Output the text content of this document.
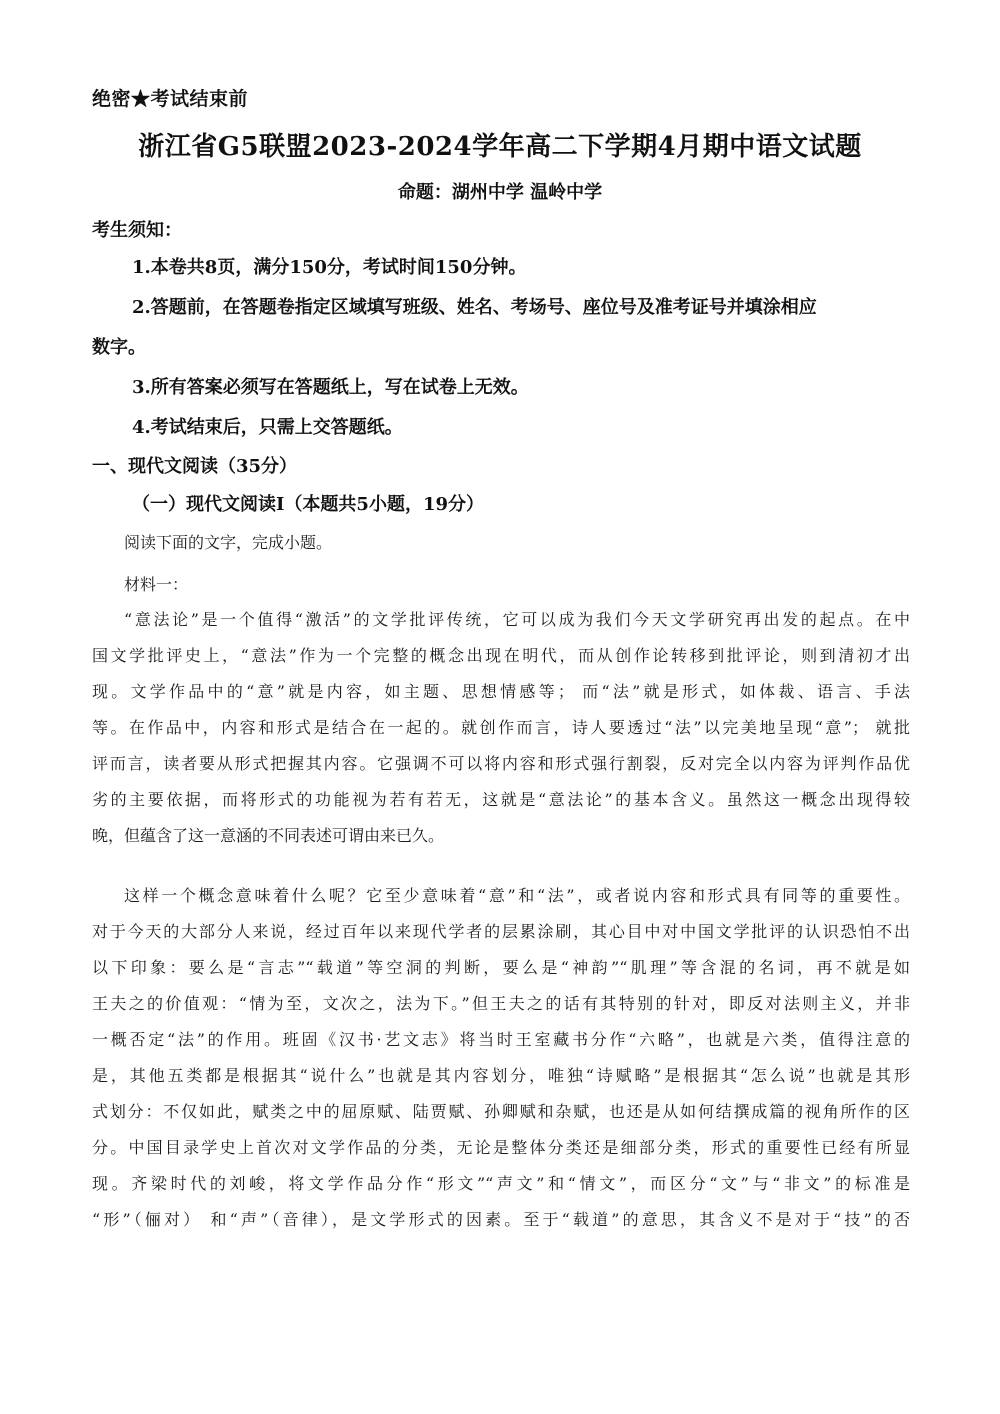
绝密★考试结束前
浙江省G5联盟2023-2024学年高二下学期4月期中语文试题
命题：湖州中学 温岭中学
考生须知：
1.本卷共8页，满分150分，考试时间150分钟。
2.答题前，在答题卷指定区域填写班级、姓名、考场号、座位号及准考证号并填涂相应
数字。
3.所有答案必须写在答题纸上，写在试卷上无效。
4.考试结束后，只需上交答题纸。
一、现代文阅读（35分）
（一）现代文阅读Ⅰ（本题共5小题，19分）
阅读下面的文字，完成小题。
材料一：
“意法论”是一个值得“激活”的文学批评传统，它可以成为我们今天文学研究再出发的起点。在中
国文学批评史上，“意法”作为一个完整的概念出现在明代，而从创作论转移到批评论，则到清初才出
现。文学作品中的“意”就是内容，如主题、思想情感等； 而“法”就是形式，如体裁、语言、手法
等。在作品中，内容和形式是结合在一起的。就创作而言，诗人要透过“法”以完美地呈现“意”； 就批
评而言，读者要从形式把握其内容。它强调不可以将内容和形式强行割裂，反对完全以内容为评判作品优
劣的主要依据，而将形式的功能视为若有若无，这就是“意法论”的基本含义。虽然这一概念出现得较
晚，但蕴含了这一意涵的不同表述可谓由来已久。
这样一个概念意味着什么呢？它至少意味着“意”和“法”，或者说内容和形式具有同等的重要性。
对于今天的大部分人来说，经过百年以来现代学者的层累涂刷，其心目中对中国文学批评的认识恐怕不出
以下印象：要么是“言志”“载道”等空洞的判断，要么是“神韵”“肌理”等含混的名词，再不就是如
王夫之的价值观：“情为至，文次之，法为下。”但王夫之的话有其特别的针对，即反对法则主义，并非
一概否定“法”的作用。班固《汉书·艺文志》将当时王室藏书分作“六略”，也就是六类，值得注意的
是，其他五类都是根据其“说什么”也就是其内容划分，唯独“诗赋略”是根据其“怎么说”也就是其形
式划分：不仅如此，赋类之中的屈原赋、陆贾赋、孙卿赋和杂赋，也还是从如何结撰成篇的视角所作的区
分。中国目录学史上首次对文学作品的分类，无论是整体分类还是细部分类，形式的重要性已经有所显
现。齐梁时代的刘峻，将文学作品分作“形文”“声文”和“情文”，而区分“文”与“非文”的标准是
“形”（俪对） 和“声”（音律），是文学形式的因素。至于“载道”的意思，其含义不是对于“技”的否
